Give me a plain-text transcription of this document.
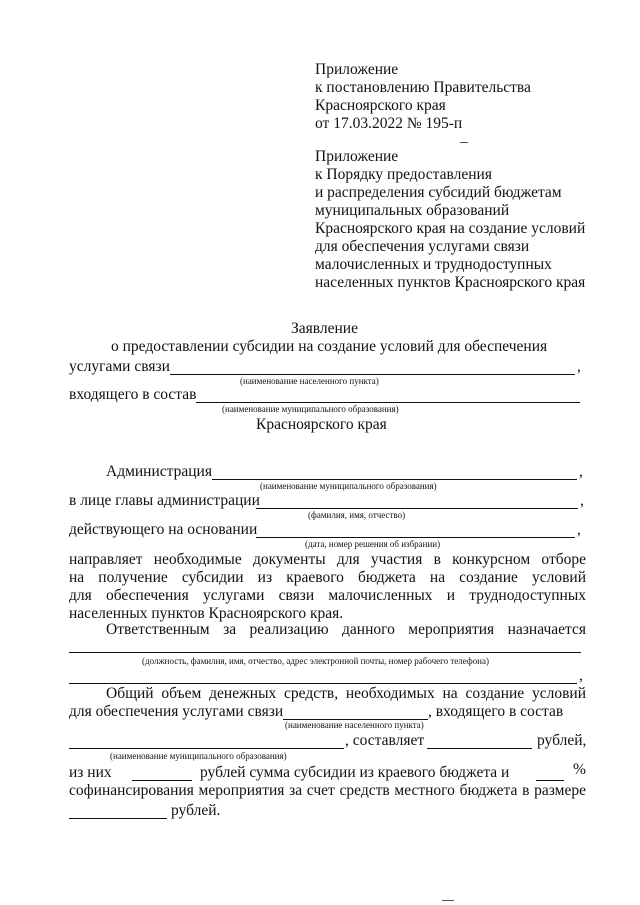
Приложение
к постановлению Правительства
Красноярского края
от 17.03.2022 № 195-п
Приложение
к Порядку предоставления
и распределения субсидий бюджетам
муниципальных образований
Красноярского края на создание условий
для обеспечения услугами связи
малочисленных и труднодоступных
населенных пунктов Красноярского края
Заявление
о предоставлении субсидии на создание условий для обеспечения
услугами связи	,
(наименование населенного пункта)
входящего в состав
(наименование муниципального образования)
Красноярского края
Администрация	,
(наименование муниципального образования)
в лице главы администрации	,
(фамилия, имя, отчество)
действующего на основании	,
(дата, номер решения об избрании)
направляет необходимые документы для участия в конкурсном отборе
на получение субсидии из краевого бюджета на создание условий
для обеспечения услугами связи малочисленных и труднодоступных
населенных пунктов Красноярского края.
Ответственным за реализацию данного мероприятия назначается
(должность, фамилия, имя, отчество, адрес электронной почты, номер рабочего телефона)
,
Общий объем денежных средств, необходимых на создание условий
для обеспечения услугами связи	, входящего в состав
(наименование населенного пункта)
, составляет	рублей,
(наименование муниципального образования)
из них	рублей сумма субсидии из краевого бюджета и	%
софинансирования мероприятия за счет средств местного бюджета в размере
рублей.
